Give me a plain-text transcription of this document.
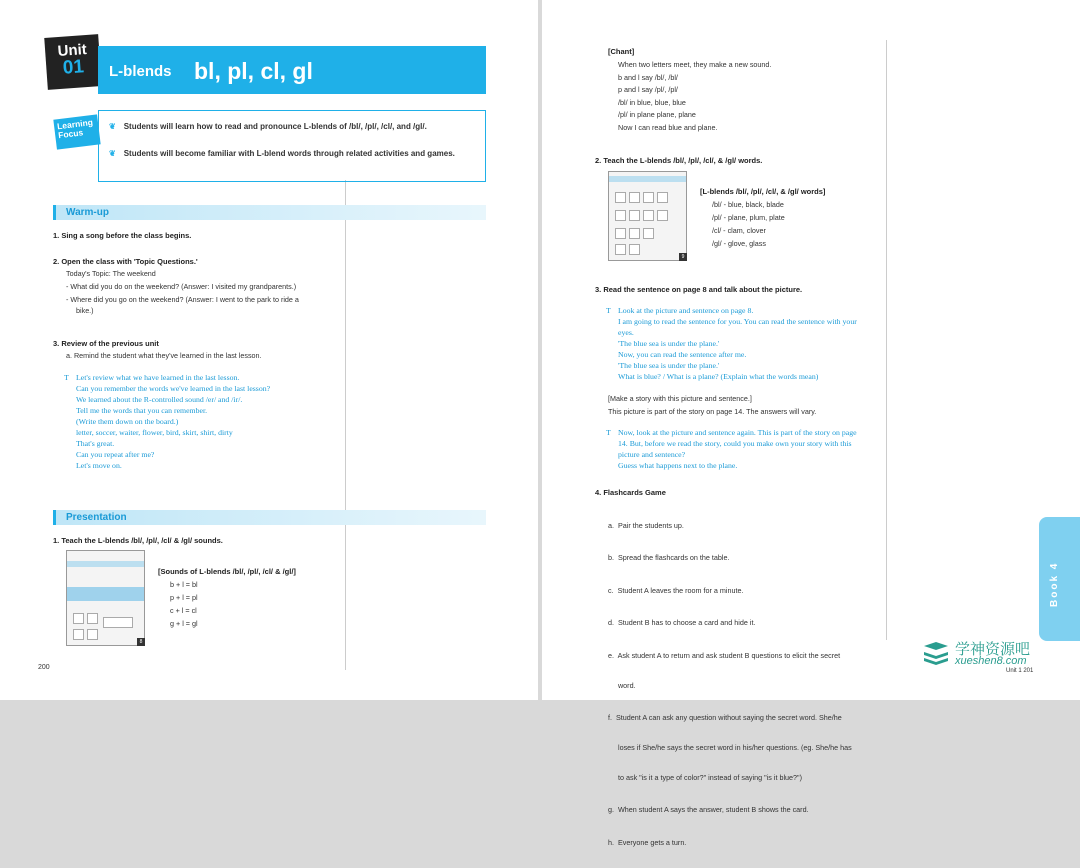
Unit
01	L-blends bl, pl, cl, gl
Learning Focus
❦ Students will learn how to read and pronounce L-blends of /bl/, /pl/, /cl/, and /gl/.
❦ Students will become familiar with L-blend words through related activities and games.
Warm-up
1. Sing a song before the class begins.
2. Open the class with 'Topic Questions.'
Today's Topic: The weekend
- What did you do on the weekend? (Answer: I visited my grandparents.)
- Where did you go on the weekend? (Answer: I went to the park to ride a
bike.)
3. Review of the previous unit
a. Remind the student what they've learned in the last lesson.
T Let's review what we have learned in the last lesson.
Can you remember the words we've learned in the last lesson?
We learned about the R-controlled sound /er/ and /ir/.
Tell me the words that you can remember.
(Write them down on the board.)
letter, soccer, waiter, flower, bird, skirt, shirt, dirty
That's great.
Can you repeat after me?
Let's move on.
Presentation
1. Teach the L-blends /bl/, /pl/, /cl/ & /gl/ sounds.
8
[Sounds of L-blends /bl/, /pl/, /cl/ & /gl/]
b + l = bl
p + l = pl
c + l = cl
g + l = gl
200
[Chant]
When two letters meet, they make a new sound.
b and l say /bl/, /bl/
p and l say /pl/, /pl/
/bl/ in blue, blue, blue
/pl/ in plane plane, plane
Now I can read blue and plane.
2. Teach the L-blends /bl/, /pl/, /cl/, & /gl/ words.
9
[L-blends /bl/, /pl/, /cl/, & /gl/ words]
/bl/ - blue, black, blade
/pl/ - plane, plum, plate
/cl/ - clam, clover
/gl/ - glove, glass
3. Read the sentence on page 8 and talk about the picture.
T Look at the picture and sentence on page 8.
I am going to read the sentence for you. You can read the sentence with your
eyes.
'The blue sea is under the plane.'
Now, you can read the sentence after me.
'The blue sea is under the plane.'
What is blue? / What is a plane? (Explain what the words mean)
[Make a story with this picture and sentence.]
This picture is part of the story on page 14. The answers will vary.
T Now, look at the picture and sentence again. This is part of the story on page
14. But, before we read the story, could you make own your story with this
picture and sentence?
Guess what happens next to the plane.
4. Flashcards Game

a.  Pair the students up.

b.  Spread the flashcards on the table.

c.  Student A leaves the room for a minute.

d.  Student B has to choose a card and hide it.

e.  Ask student A to return and ask student B questions to elicit the secret

word.

f.  Student A can ask any question without saying the secret word. She/he

loses if She/he says the secret word in his/her questions. (eg. She/he has

to ask "is it a type of color?" instead of saying "is it blue?")

g.  When student A says the answer, student B shows the card.

h.  Everyone gets a turn.

Unit 1 201
Book 4
学神资源吧
xueshen8.com
